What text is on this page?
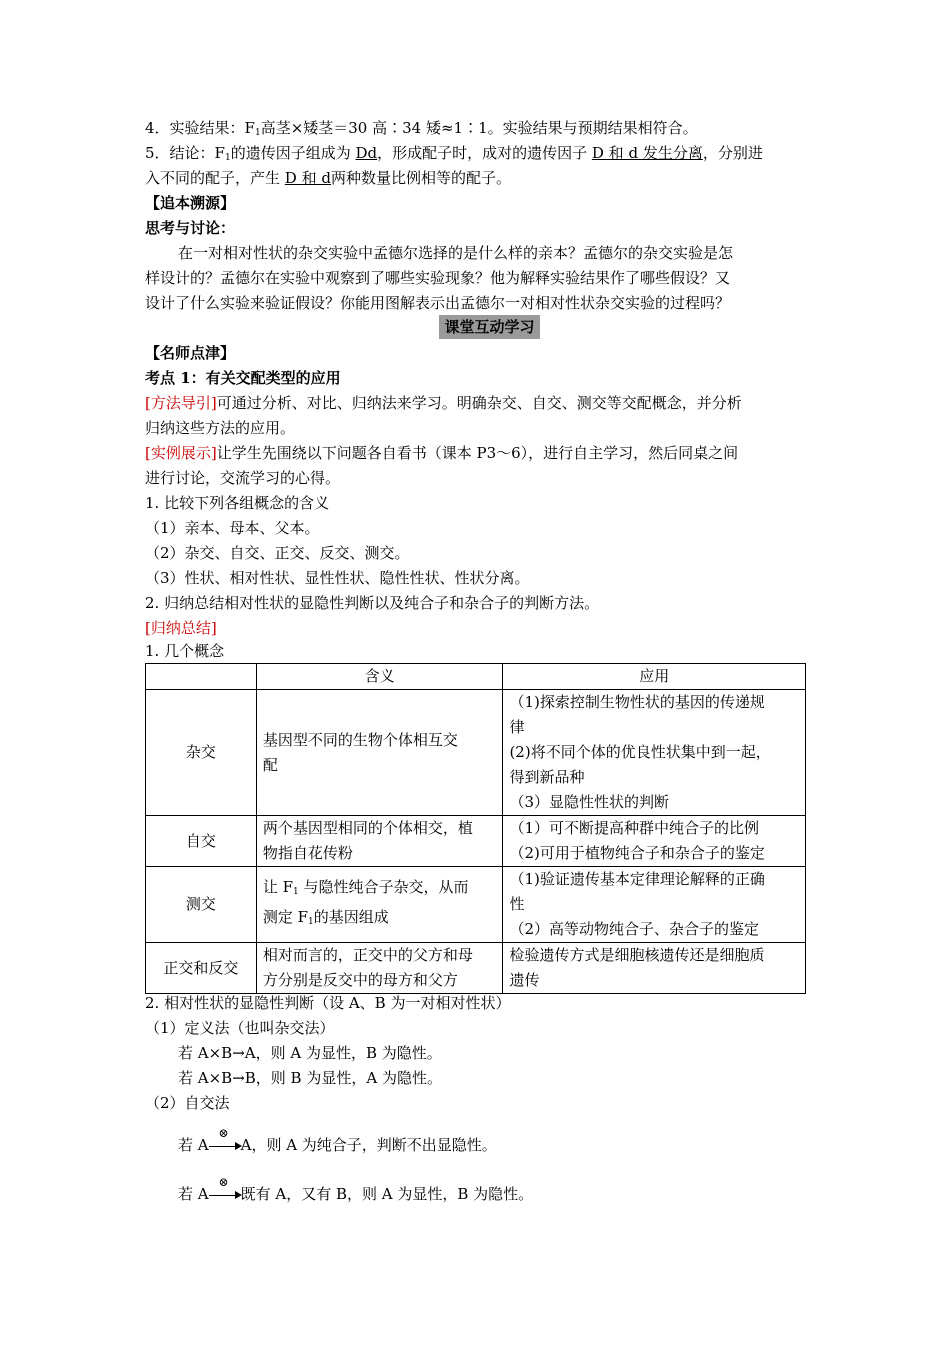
4．实验结果：$F_1$高茎×矮茎＝30 高∶34 矮≈1∶1。实验结果与预期结果相符合。
5．结论：$F_1$的遗传因子组成为 Dd，形成配子时，成对的遗传因子 D 和 d 发生分离，分别进
入不同的配子，产生 D 和 d两种数量比例相等的配子。
【追本溯源】
思考与讨论：
在一对相对性状的杂交实验中孟德尔选择的是什么样的亲本？孟德尔的杂交实验是怎
样设计的？孟德尔在实验中观察到了哪些实验现象？他为解释实验结果作了哪些假设？又
设计了什么实验来验证假设？你能用图解表示出孟德尔一对相对性状杂交实验的过程吗？
课堂互动学习
【名师点津】
考点 1：有关交配类型的应用
[方法导引]可通过分析、对比、归纳法来学习。明确杂交、自交、测交等交配概念，并分析
归纳这些方法的应用。
[实例展示]让学生先围绕以下问题各自看书（课本 P3～6），进行自主学习，然后同桌之间
进行讨论，交流学习的心得。
1. 比较下列各组概念的含义
（1）亲本、母本、父本。
（2）杂交、自交、正交、反交、测交。
（3）性状、相对性状、显性性状、隐性性状、性状分离。
2. 归纳总结相对性状的显隐性判断以及纯合子和杂合子的判断方法。
[归纳总结]
1. 几个概念
	含义	应用
杂交	基因型不同的生物个体相互交
配	（1)探索控制生物性状的基因的传递规
律
(2)将不同个体的优良性状集中到一起，
得到新品种
（3）显隐性性状的判断
自交	两个基因型相同的个体相交，植
物指自花传粉	（1）可不断提高种群中纯合子的比例
（2)可用于植物纯合子和杂合子的鉴定
测交	让 $F_1$ 与隐性纯合子杂交，从而
测定 $F_1$的基因组成	（1)验证遗传基本定律理论解释的正确
性
（2）高等动物纯合子、杂合子的鉴定
正交和反交	相对而言的，正交中的父方和母
方分别是反交中的母方和父方	检验遗传方式是细胞核遗传还是细胞质
遗传
2. 相对性状的显隐性判断（设 A、B 为一对相对性状）
（1）定义法（也叫杂交法）
若 A×B→A，则 A 为显性，B 为隐性。
若 A×B→B，则 B 为显性，A 为隐性。
（2）自交法
若 A
⊗
A，则 A 为纯合子，判断不出显隐性。
若 A
⊗
既有 A，又有 B，则 A 为显性，B 为隐性。
